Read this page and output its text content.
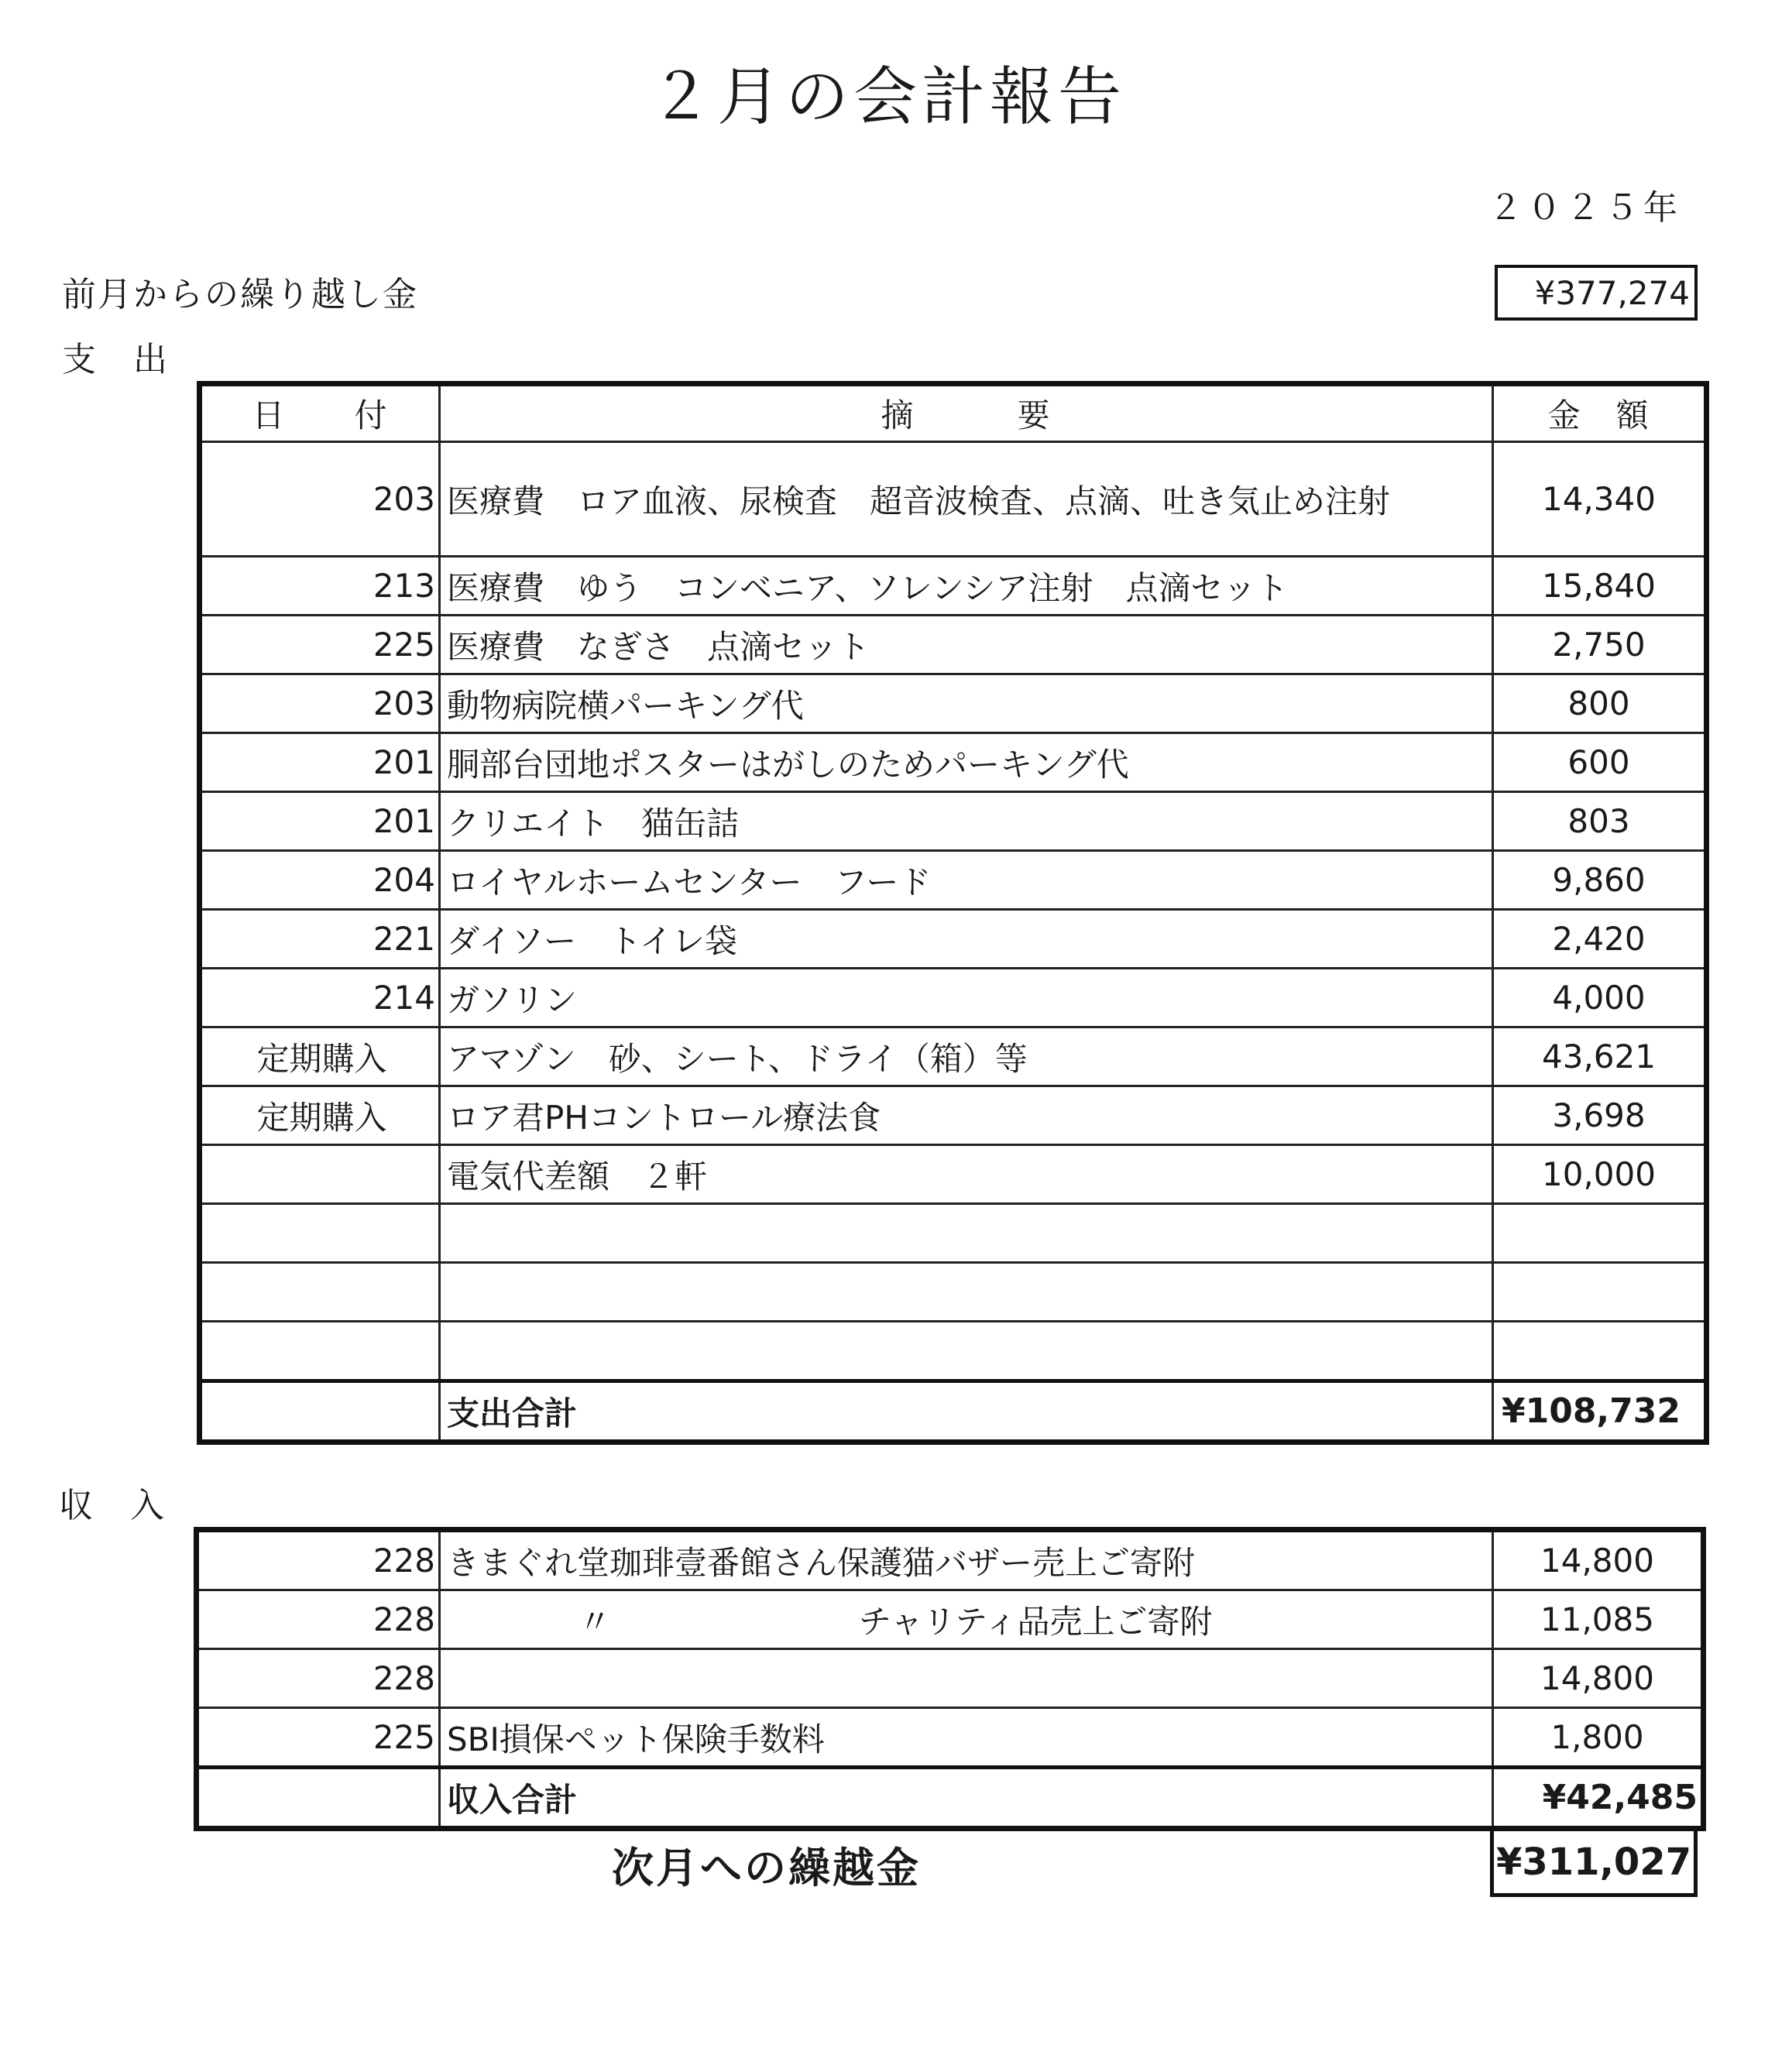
２月の会計報告
２０２５年
前月からの繰り越し金	¥377,274
支　出
日　　付	摘　　　要	金　額
203	医療費　ロア血液、尿検査　超音波検査、点滴、吐き気止め注射	14,340
213	医療費　ゆう　コンベニア、ソレンシア注射　点滴セット	15,840
225	医療費　なぎさ　点滴セット	2,750
203	動物病院横パーキング代	800
201	胴部台団地ポスターはがしのためパーキング代	600
201	クリエイト　猫缶詰	803
204	ロイヤルホームセンター　フード	9,860
221	ダイソー　トイレ袋	2,420
214	ガソリン	4,000
定期購入	アマゾン　砂、シート、ドライ（箱）等	43,621
定期購入	ロア君PHコントロール療法食	3,698
	電気代差額　２軒	10,000

	支出合計	¥108,732
収　入
228	きまぐれ堂珈琲壹番館さん保護猫バザー売上ご寄附	14,800
228	〃 チャリティ品売上ご寄附	11,085
228		14,800
225	SBI損保ペット保険手数料	1,800
	収入合計	¥42,485
次月への繰越金	¥311,027
